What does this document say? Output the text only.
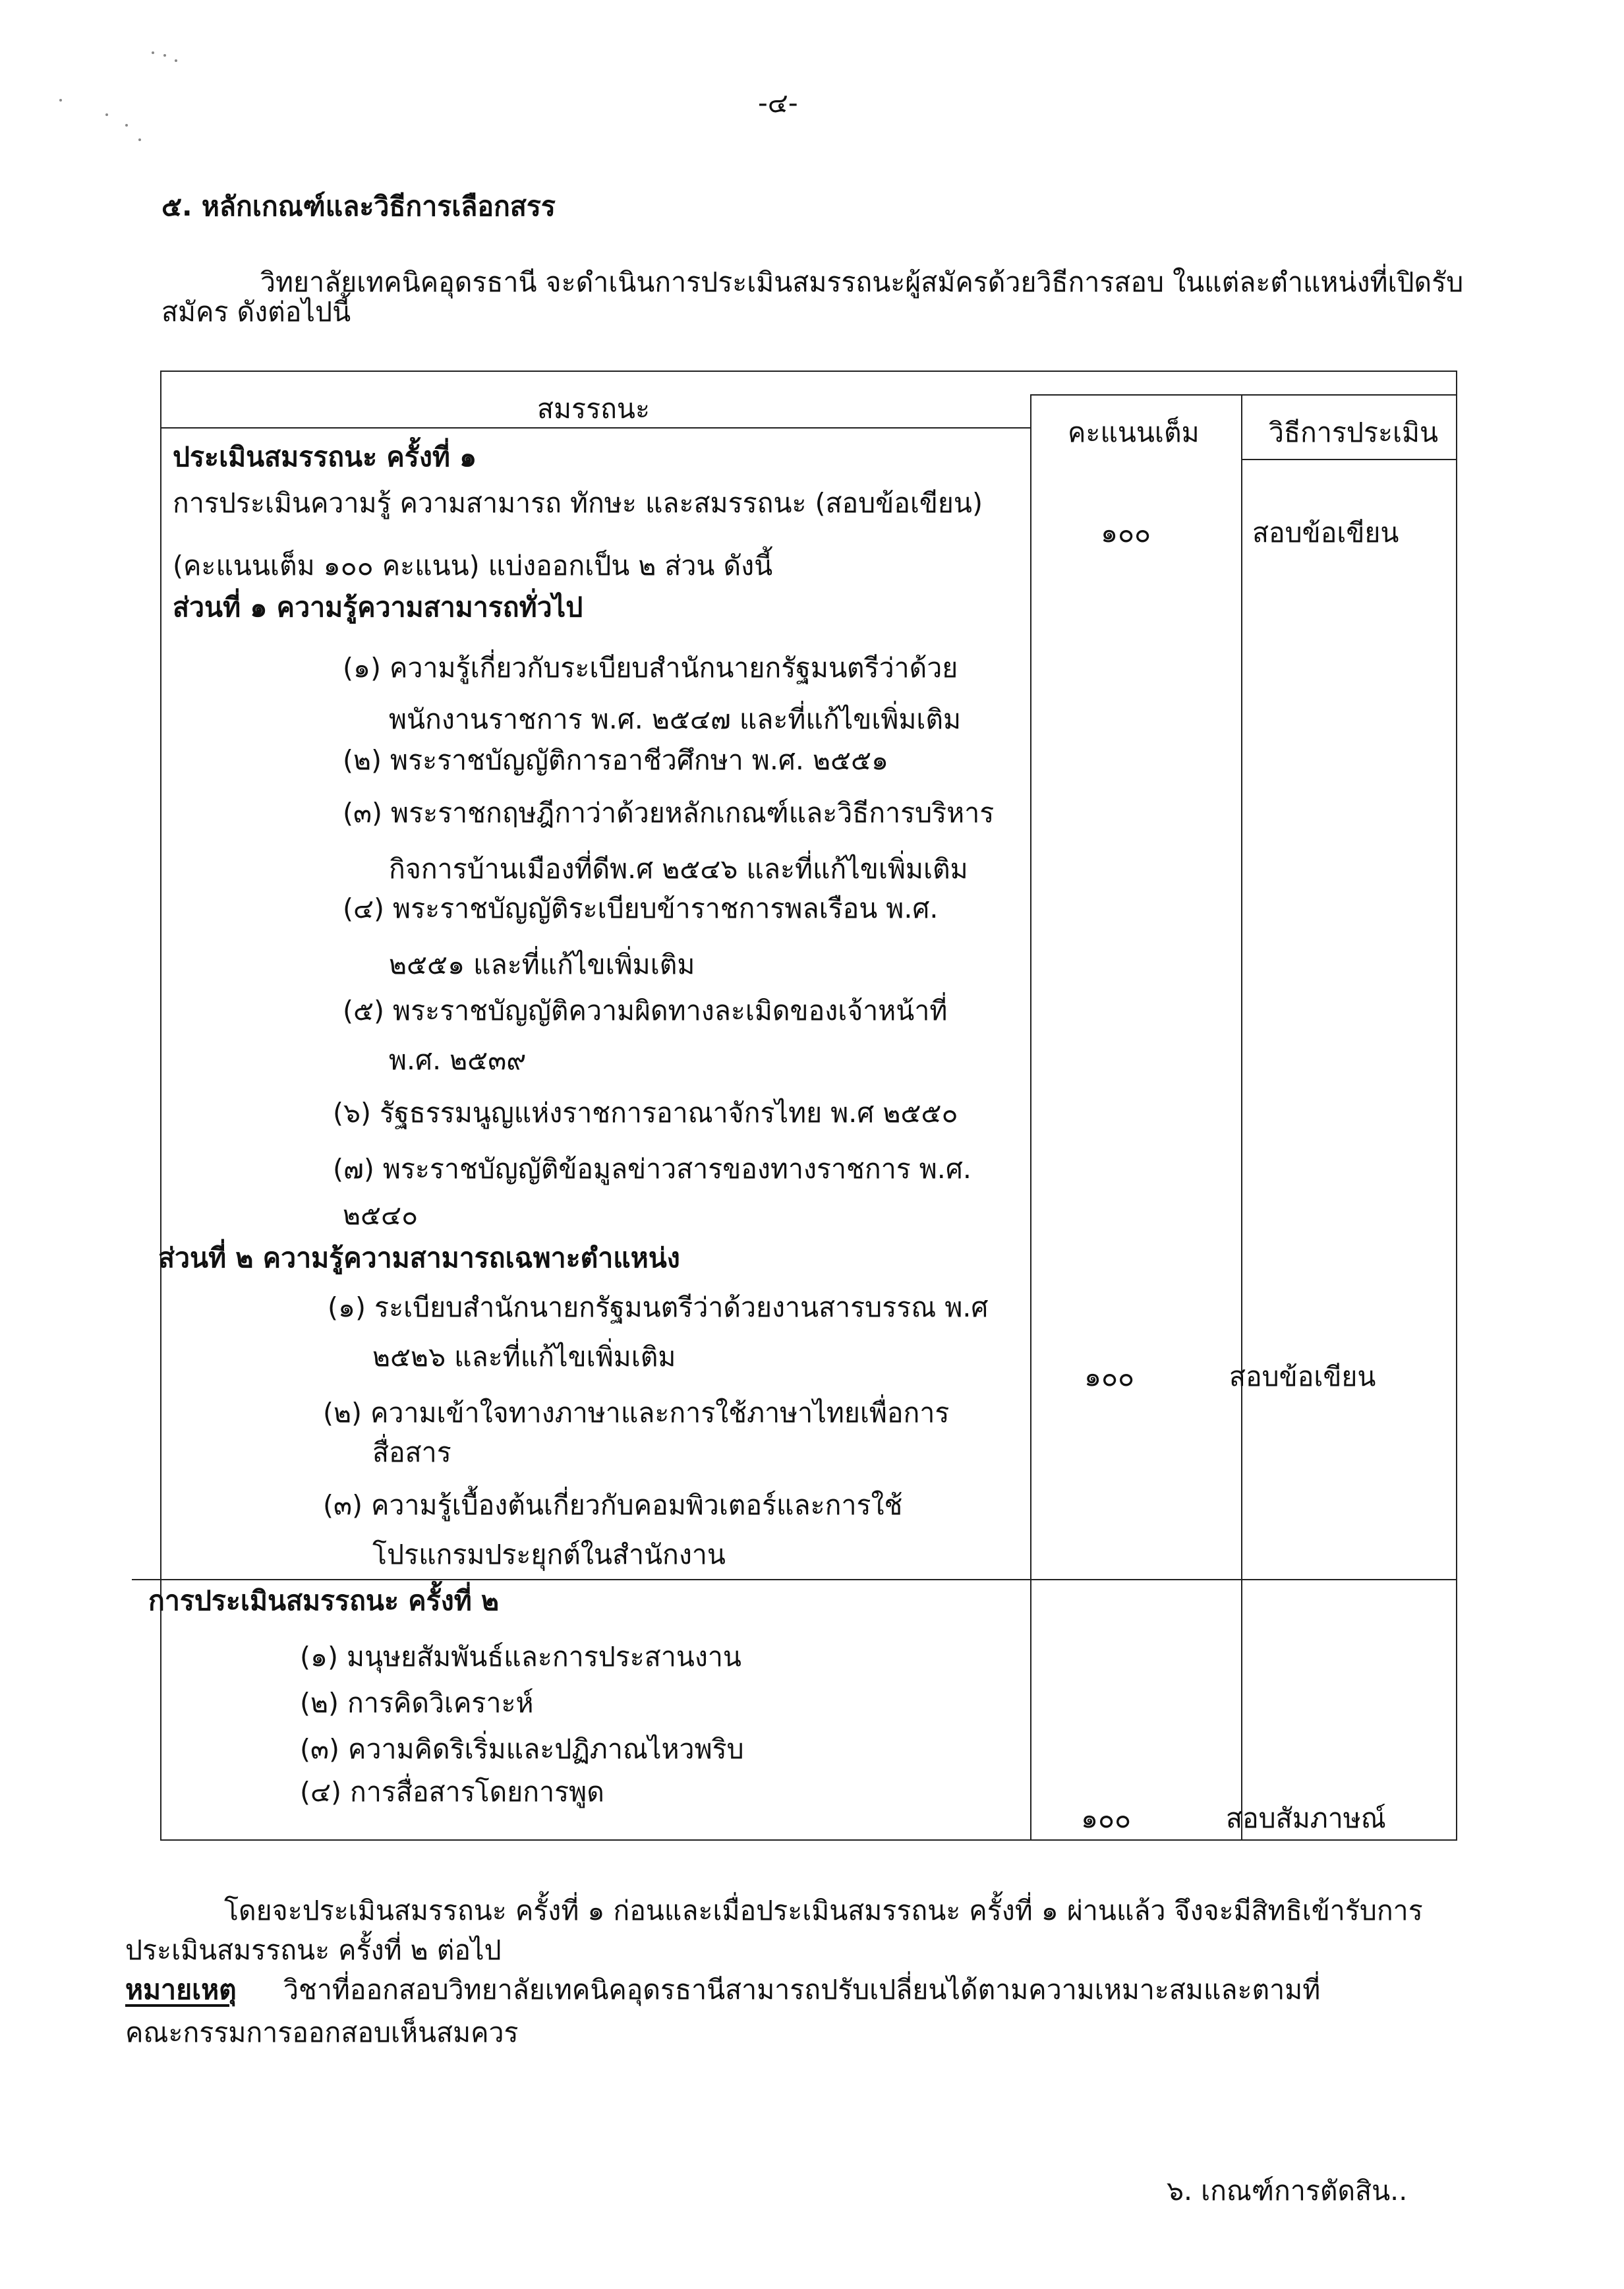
-๔-
๕. หลักเกณฑ์และวิธีการเลือกสรร
วิทยาลัยเทคนิคอุดรธานี จะดำเนินการประเมินสมรรถนะผู้สมัครด้วยวิธีการสอบ ในแต่ละตำแหน่งที่เปิดรับ
สมัคร ดังต่อไปนี้
สมรรถนะ
คะแนนเต็ม	วิธีการประเมิน
ประเมินสมรรถนะ ครั้งที่ ๑
การประเมินความรู้ ความสามารถ ทักษะ และสมรรถนะ (สอบข้อเขียน)
(คะแนนเต็ม ๑๐๐ คะแนน) แบ่งออกเป็น ๒ ส่วน ดังนี้
๑๐๐	สอบข้อเขียน
ส่วนที่ ๑ ความรู้ความสามารถทั่วไป
(๑) ความรู้เกี่ยวกับระเบียบสำนักนายกรัฐมนตรีว่าด้วย
พนักงานราชการ พ.ศ. ๒๕๔๗ และที่แก้ไขเพิ่มเติม
(๒) พระราชบัญญัติการอาชีวศึกษา พ.ศ. ๒๕๕๑
(๓) พระราชกฤษฎีกาว่าด้วยหลักเกณฑ์และวิธีการบริหาร
กิจการบ้านเมืองที่ดีพ.ศ ๒๕๔๖ และที่แก้ไขเพิ่มเติม
(๔) พระราชบัญญัติระเบียบข้าราชการพลเรือน พ.ศ.
๒๕๕๑ และที่แก้ไขเพิ่มเติม
(๕) พระราชบัญญัติความผิดทางละเมิดของเจ้าหน้าที่
พ.ศ. ๒๕๓๙
(๖) รัฐธรรมนูญแห่งราชการอาณาจักรไทย พ.ศ ๒๕๕๐
(๗) พระราชบัญญัติข้อมูลข่าวสารของทางราชการ พ.ศ.
๒๕๔๐
ส่วนที่ ๒ ความรู้ความสามารถเฉพาะตำแหน่ง
(๑) ระเบียบสำนักนายกรัฐมนตรีว่าด้วยงานสารบรรณ พ.ศ
๒๕๒๖ และที่แก้ไขเพิ่มเติม
(๒) ความเข้าใจทางภาษาและการใช้ภาษาไทยเพื่อการ
สื่อสาร
(๓) ความรู้เบื้องต้นเกี่ยวกับคอมพิวเตอร์และการใช้
โปรแกรมประยุกต์ในสำนักงาน
๑๐๐	สอบข้อเขียน
การประเมินสมรรถนะ ครั้งที่ ๒
(๑) มนุษยสัมพันธ์และการประสานงาน
(๒) การคิดวิเคราะห์
(๓) ความคิดริเริ่มและปฏิภาณไหวพริบ
(๔) การสื่อสารโดยการพูด
๑๐๐	สอบสัมภาษณ์
โดยจะประเมินสมรรถนะ ครั้งที่ ๑ ก่อนและเมื่อประเมินสมรรถนะ ครั้งที่ ๑ ผ่านแล้ว จึงจะมีสิทธิเข้ารับการ
ประเมินสมรรถนะ ครั้งที่ ๒ ต่อไป
หมายเหตุ วิชาที่ออกสอบวิทยาลัยเทคนิคอุดรธานีสามารถปรับเปลี่ยนได้ตามความเหมาะสมและตามที่
คณะกรรมการออกสอบเห็นสมควร
๖. เกณฑ์การตัดสิน..
